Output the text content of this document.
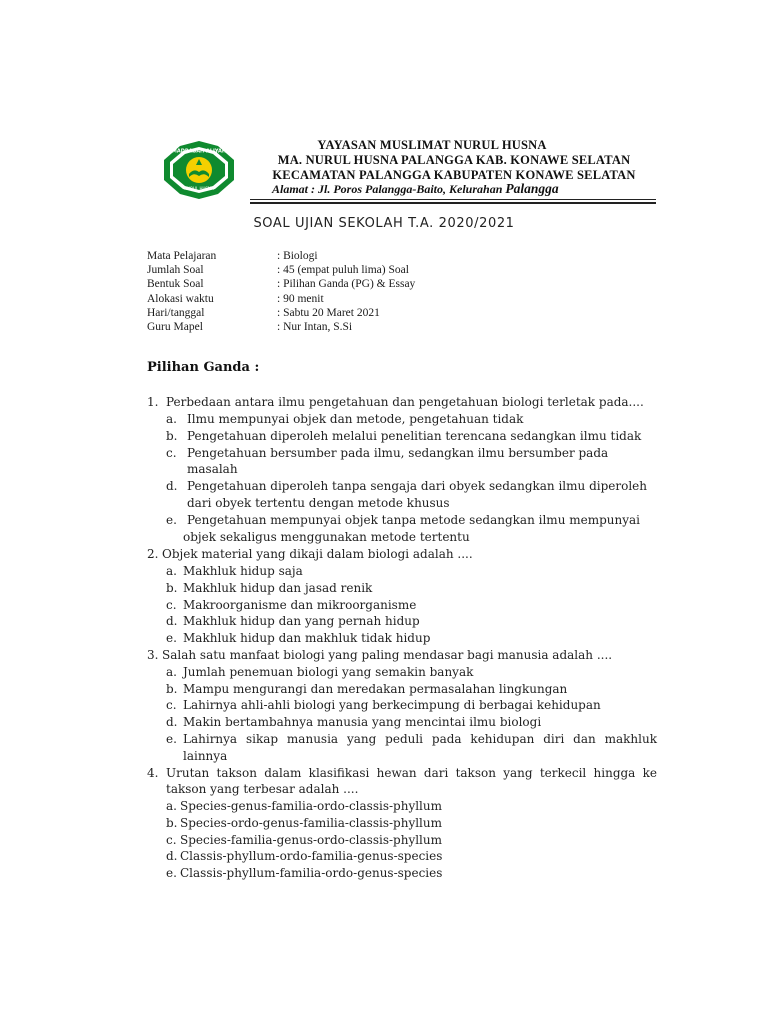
MADRASAH ALIYAH
NURUL HUSNA
YAYASAN MUSLIMAT NURUL HUSNA
MA. NURUL HUSNA PALANGGA KAB. KONAWE SELATAN
KECAMATAN PALANGGA KABUPATEN KONAWE SELATAN
Alamat : Jl. Poros Palangga-Baito, Kelurahan Palangga
SOAL UJIAN SEKOLAH T.A. 2020/2021
Mata Pelajaran	: Biologi
Jumlah Soal	: 45 (empat puluh lima) Soal
Bentuk Soal	: Pilihan Ganda (PG) & Essay
Alokasi waktu	: 90 menit
Hari/tanggal	: Sabtu 20 Maret 2021
Guru Mapel	: Nur Intan, S.Si
Pilihan Ganda :
1. Perbedaan antara ilmu pengetahuan dan pengetahuan biologi terletak pada....
a. Ilmu mempunyai objek dan metode, pengetahuan tidak
b. Pengetahuan diperoleh melalui penelitian terencana sedangkan ilmu tidak
c. Pengetahuan bersumber pada ilmu, sedangkan ilmu bersumber pada
masalah
d. Pengetahuan diperoleh tanpa sengaja dari obyek sedangkan ilmu diperoleh
dari obyek tertentu dengan metode khusus
e. Pengetahuan mempunyai objek tanpa metode sedangkan ilmu mempunyai
objek sekaligus menggunakan metode tertentu
2. Objek material yang dikaji dalam biologi adalah ....
a. Makhluk hidup saja
b. Makhluk hidup dan jasad renik
c. Makroorganisme dan mikroorganisme
d. Makhluk hidup dan yang pernah hidup
e. Makhluk hidup dan makhluk tidak hidup
3. Salah satu manfaat biologi yang paling mendasar bagi manusia adalah ....
a. Jumlah penemuan biologi yang semakin banyak
b. Mampu mengurangi dan meredakan permasalahan lingkungan
c. Lahirnya ahli-ahli biologi yang berkecimpung di berbagai kehidupan
d. Makin bertambahnya manusia yang mencintai ilmu biologi
e. Lahirnya sikap manusia yang peduli pada kehidupan diri dan makhluk
lainnya
4. Urutan takson dalam klasifikasi hewan dari takson yang terkecil hingga ke
takson yang terbesar adalah ....
a. Species-genus-familia-ordo-classis-phyllum
b. Species-ordo-genus-familia-classis-phyllum
c. Species-familia-genus-ordo-classis-phyllum
d. Classis-phyllum-ordo-familia-genus-species
e. Classis-phyllum-familia-ordo-genus-species
